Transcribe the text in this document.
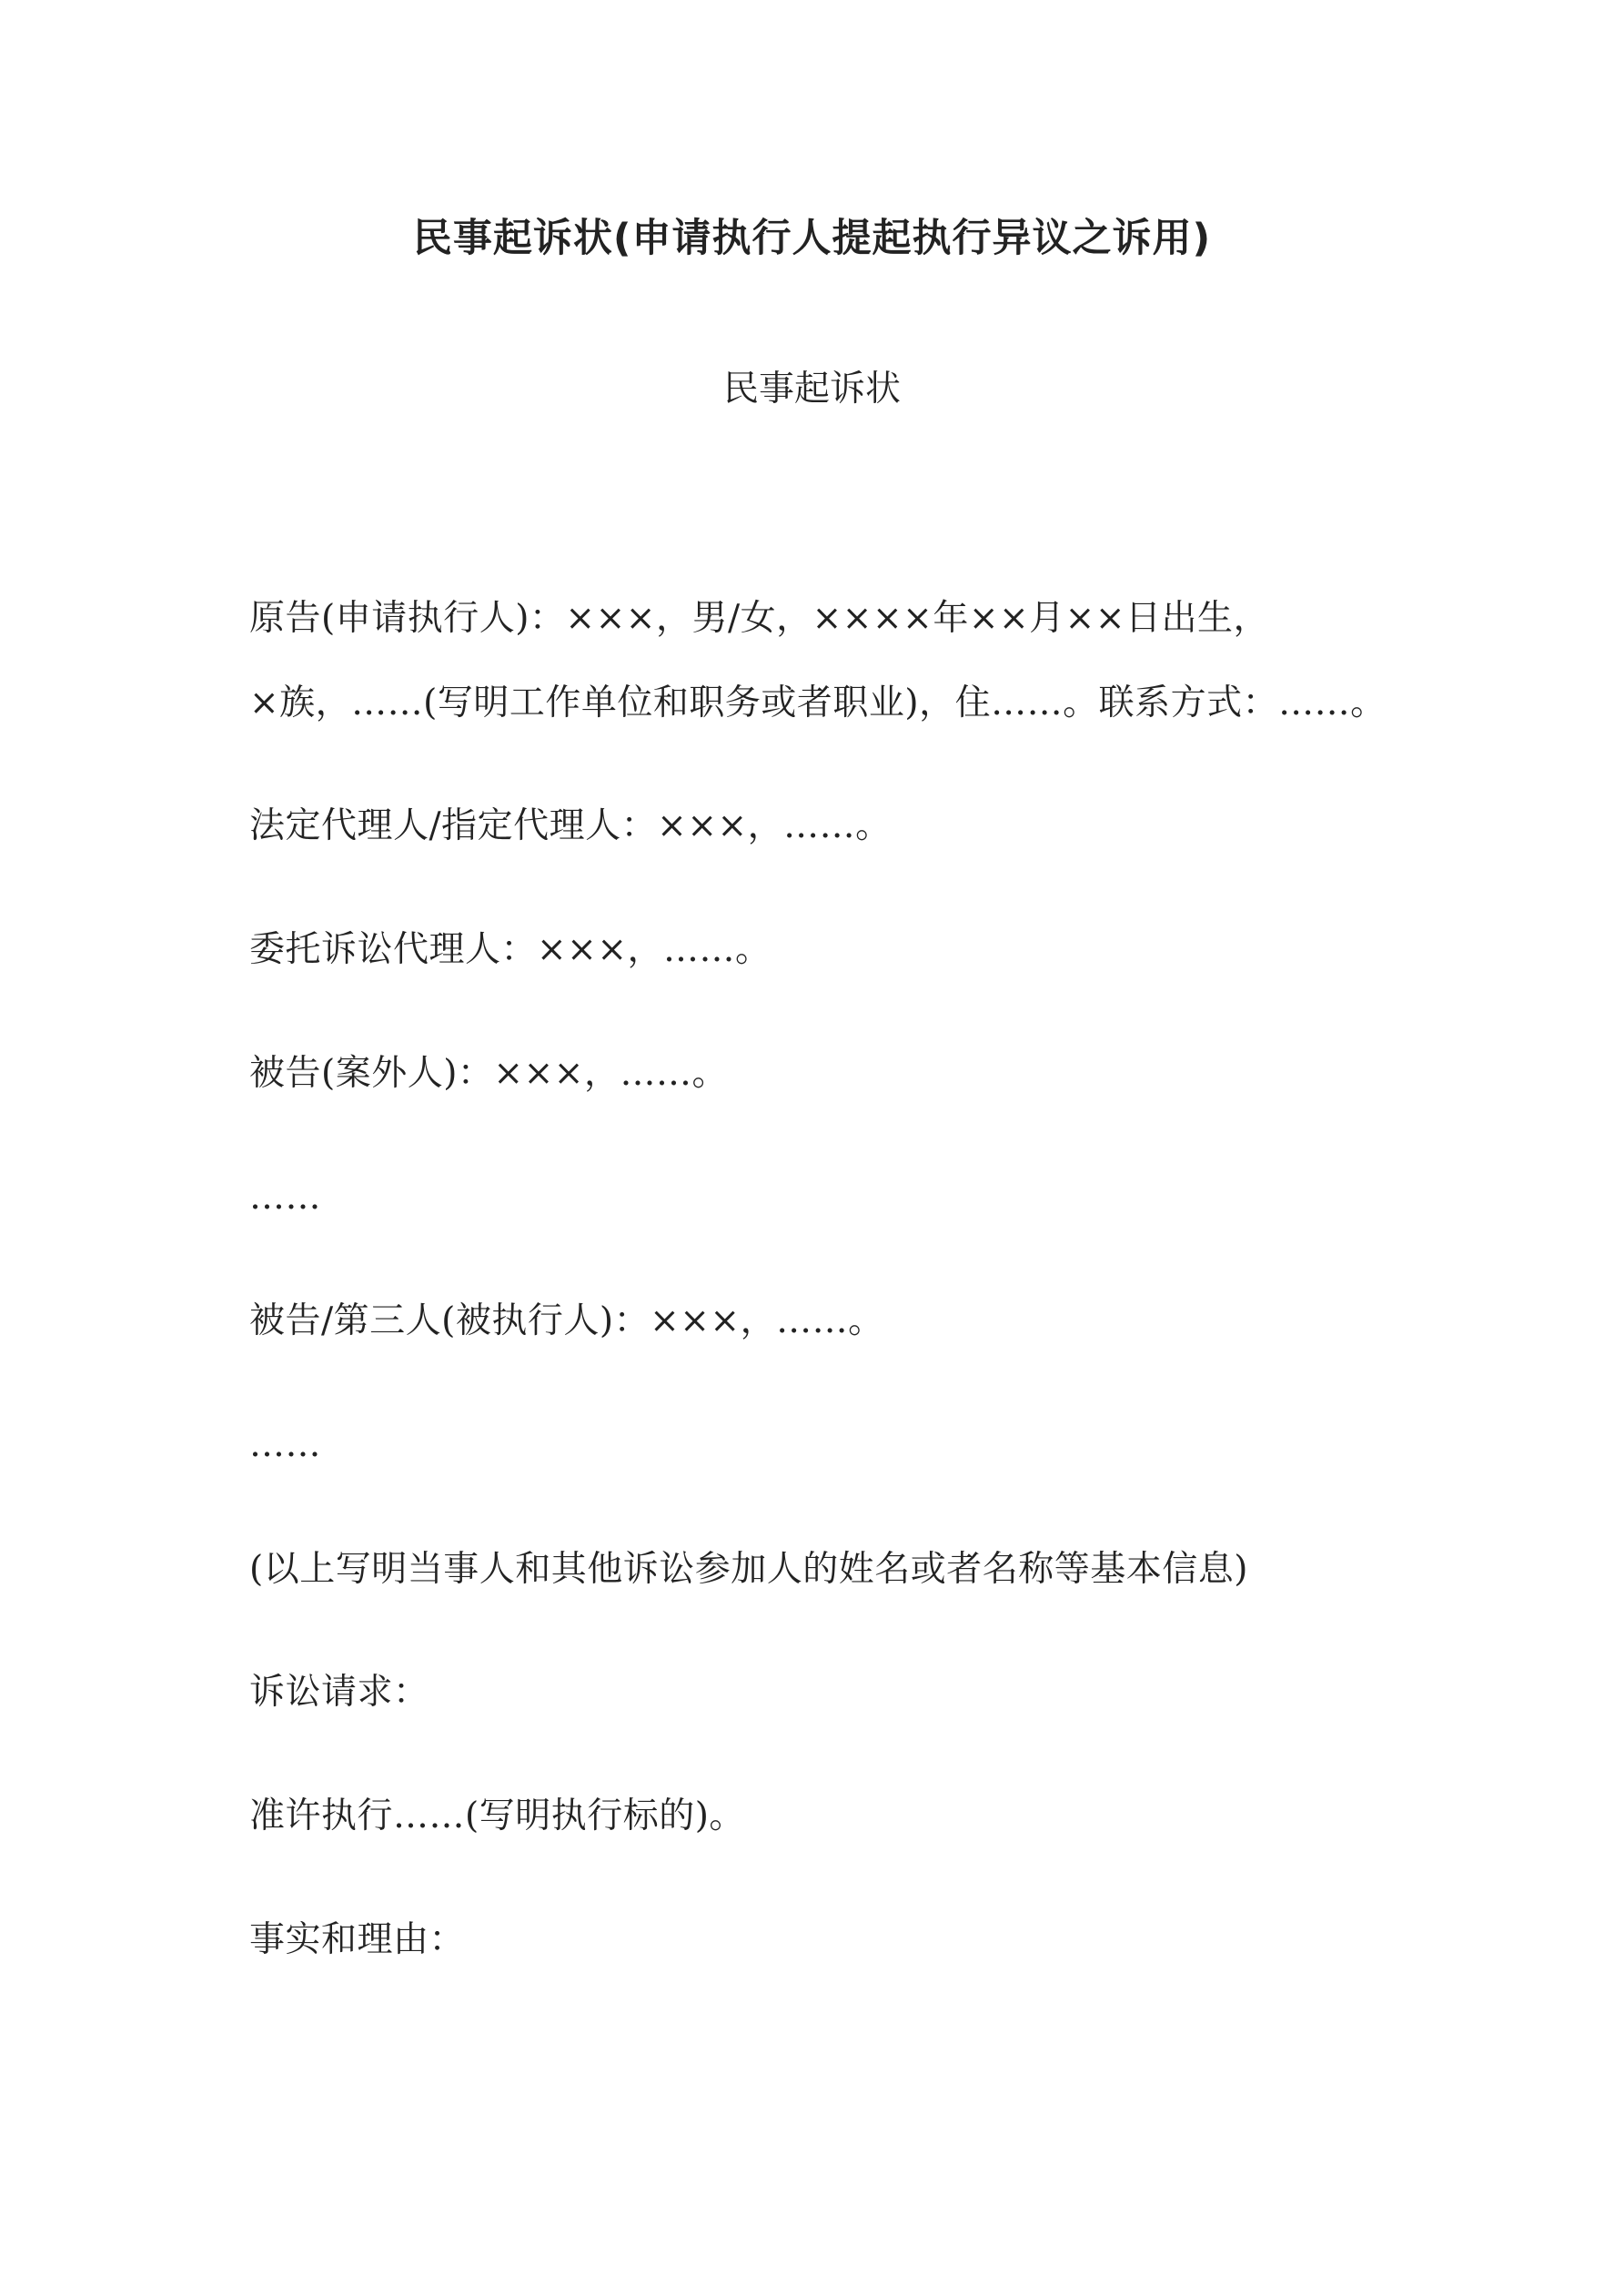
民事起诉状(申请执行人提起执行异议之诉用)
民事起诉状
原告(申请执行人)：×××，男/女，××××年××月××日出生，
×族，……(写明工作单位和职务或者职业)，住……。联系方式：……。
法定代理人/指定代理人：×××，……。
委托诉讼代理人：×××，……。
被告(案外人)：×××，……。
……
被告/第三人(被执行人)：×××，……。
……
(以上写明当事人和其他诉讼参加人的姓名或者名称等基本信息)
诉讼请求：
准许执行……(写明执行标的)。
事实和理由：
